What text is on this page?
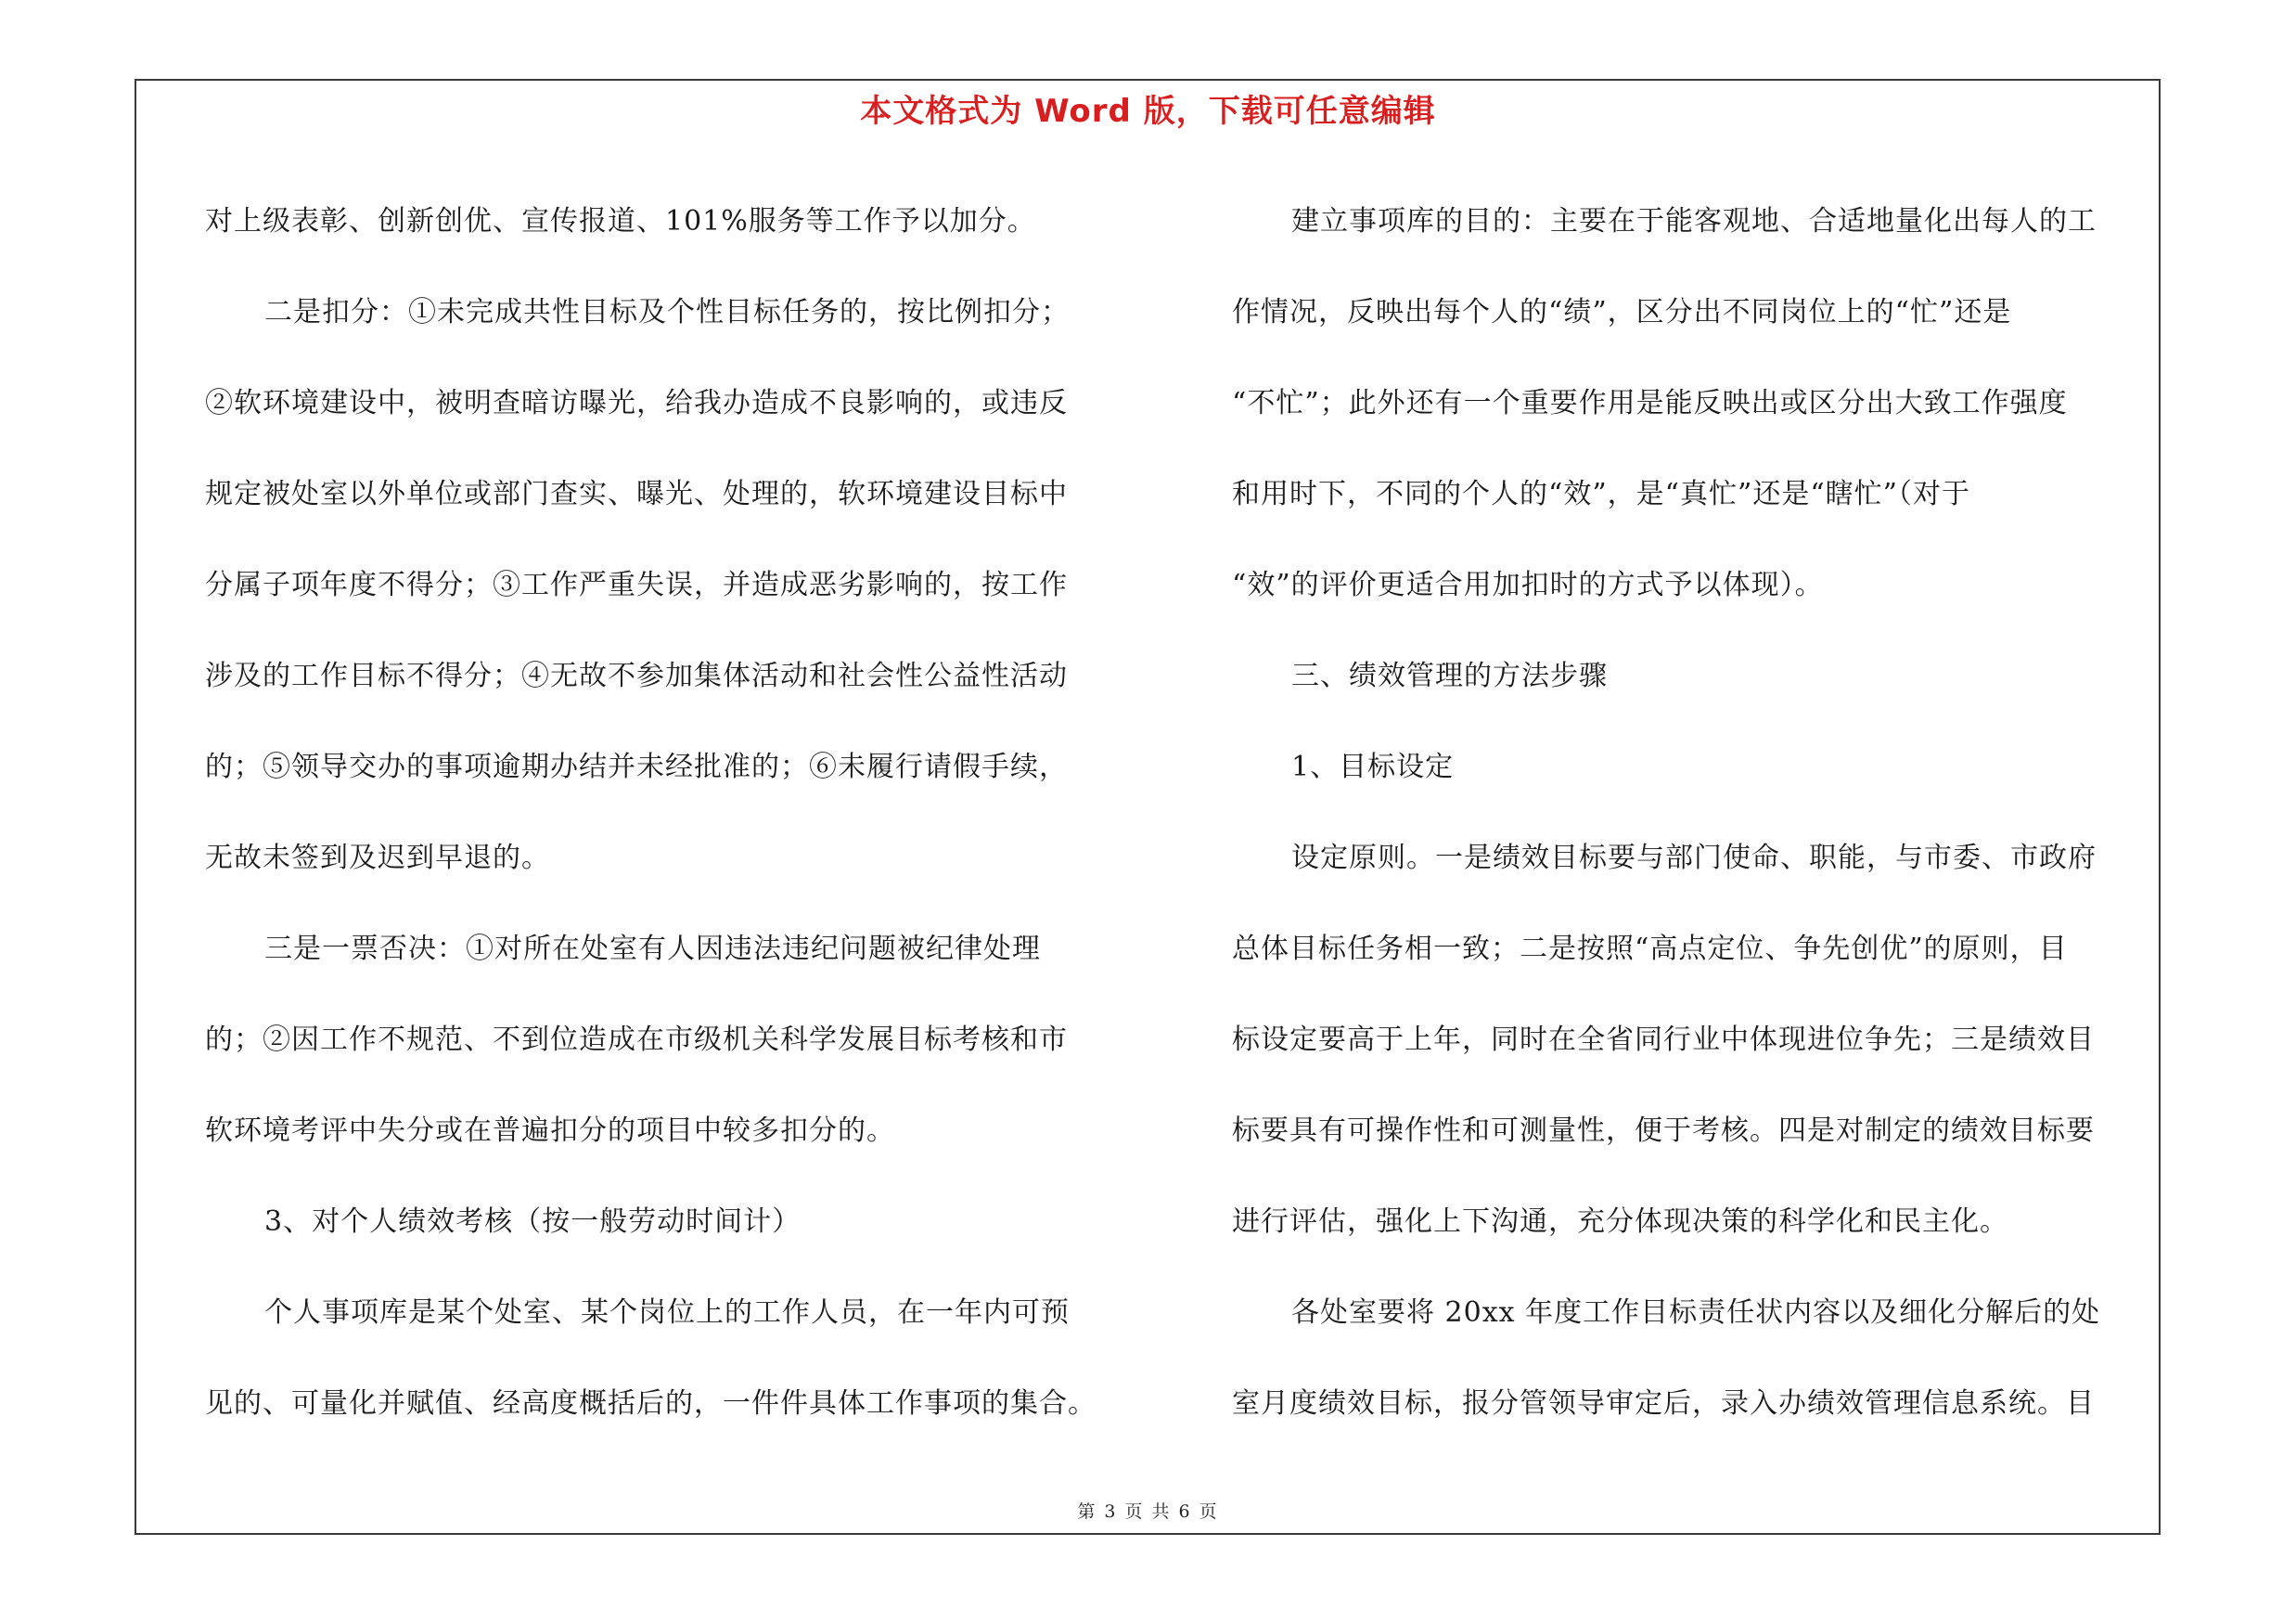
本文格式为 Word 版，下载可任意编辑
对上级表彰、创新创优、宣传报道、101%服务等工作予以加分。
二是扣分：①未完成共性目标及个性目标任务的，按比例扣分；
②软环境建设中，被明查暗访曝光，给我办造成不良影响的，或违反
规定被处室以外单位或部门查实、曝光、处理的，软环境建设目标中
分属子项年度不得分；③工作严重失误，并造成恶劣影响的，按工作
涉及的工作目标不得分；④无故不参加集体活动和社会性公益性活动
的；⑤领导交办的事项逾期办结并未经批准的；⑥未履行请假手续，
无故未签到及迟到早退的。
三是一票否决：①对所在处室有人因违法违纪问题被纪律处理
的；②因工作不规范、不到位造成在市级机关科学发展目标考核和市
软环境考评中失分或在普遍扣分的项目中较多扣分的。
3、对个人绩效考核（按一般劳动时间计）
个人事项库是某个处室、某个岗位上的工作人员，在一年内可预
见的、可量化并赋值、经高度概括后的，一件件具体工作事项的集合。
建立事项库的目的：主要在于能客观地、合适地量化出每人的工
作情况，反映出每个人的“绩”，区分出不同岗位上的“忙”还是
“不忙”；此外还有一个重要作用是能反映出或区分出大致工作强度
和用时下，不同的个人的“效”，是“真忙”还是“瞎忙”（对于
“效”的评价更适合用加扣时的方式予以体现）。
三、绩效管理的方法步骤
1、目标设定
设定原则。一是绩效目标要与部门使命、职能，与市委、市政府
总体目标任务相一致；二是按照“高点定位、争先创优”的原则，目
标设定要高于上年，同时在全省同行业中体现进位争先；三是绩效目
标要具有可操作性和可测量性，便于考核。四是对制定的绩效目标要
进行评估，强化上下沟通，充分体现决策的科学化和民主化。
各处室要将 20xx 年度工作目标责任状内容以及细化分解后的处
室月度绩效目标，报分管领导审定后，录入办绩效管理信息系统。目
第 3 页 共 6 页
